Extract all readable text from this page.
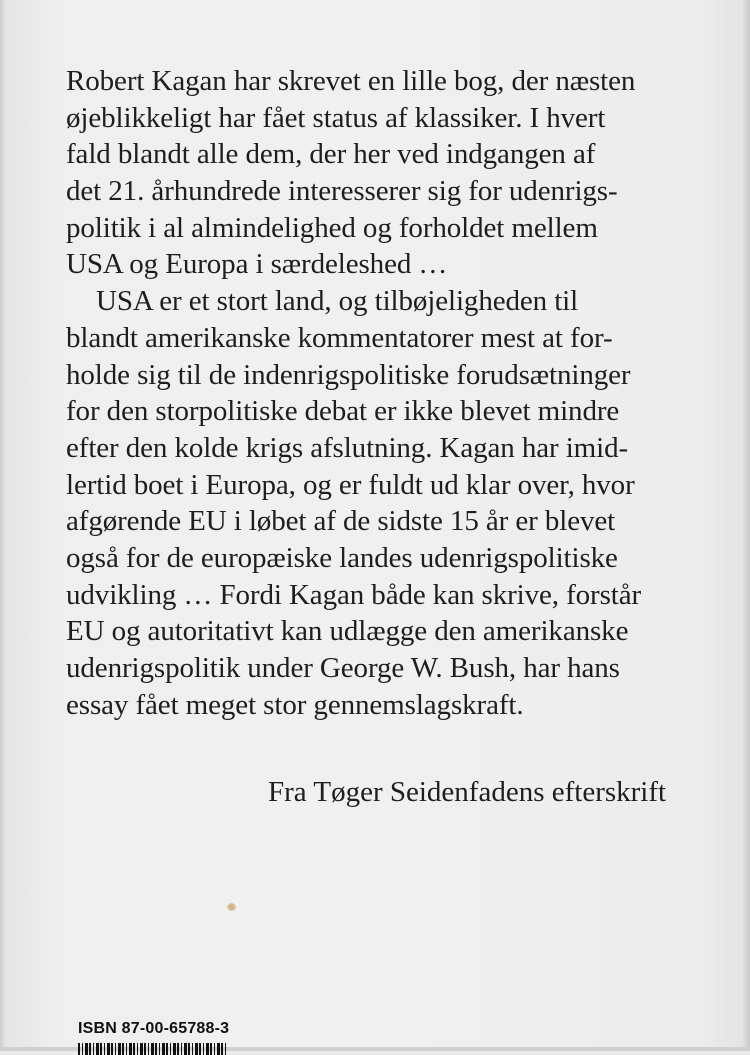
Robert Kagan har skrevet en lille bog, der næsten
øjeblikkeligt har fået status af klassiker. I hvert
fald blandt alle dem, der her ved indgangen af
det 21. århundrede interesserer sig for udenrigs-
politik i al almindelighed og forholdet mellem
USA og Europa i særdeleshed …
USA er et stort land, og tilbøjeligheden til
blandt amerikanske kommentatorer mest at for-
holde sig til de indenrigspolitiske forudsætninger
for den storpolitiske debat er ikke blevet mindre
efter den kolde krigs afslutning. Kagan har imid-
lertid boet i Europa, og er fuldt ud klar over, hvor
afgørende EU i løbet af de sidste 15 år er blevet
også for de europæiske landes udenrigspolitiske
udvikling … Fordi Kagan både kan skrive, forstår
EU og autoritativt kan udlægge den amerikanske
udenrigspolitik under George W. Bush, har hans
essay fået meget stor gennemslagskraft.
Fra Tøger Seidenfadens efterskrift
ISBN 87-00-65788-3
